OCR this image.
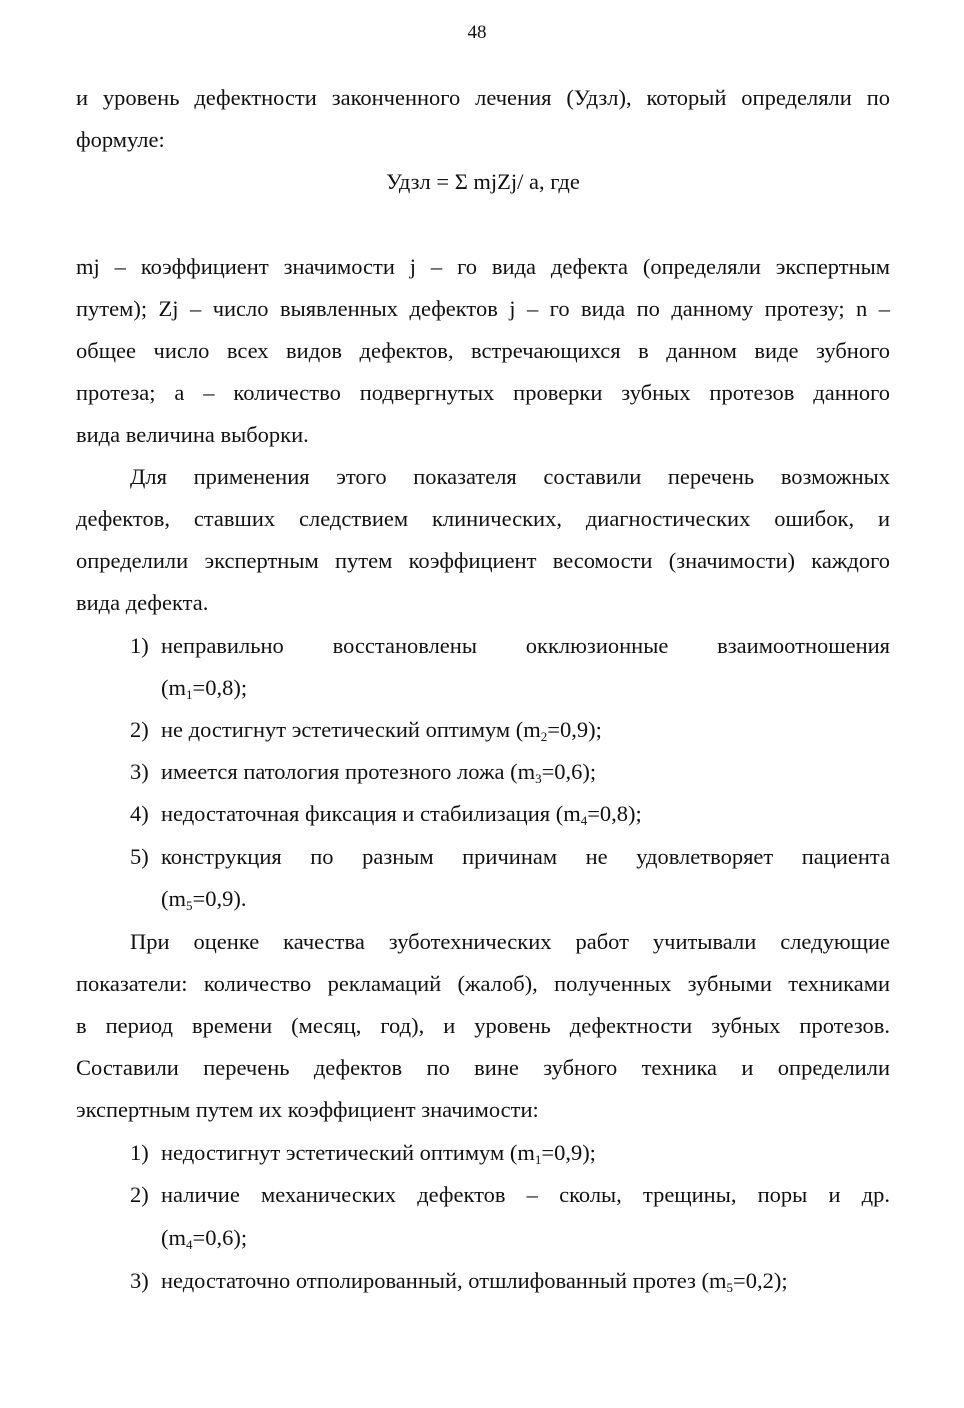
48
и уровень дефектности законченного лечения (Удзл), который определяли по
формуле:
Удзл = Σ mjZj/ a, где
mj – коэффициент значимости j – го вида дефекта (определяли экспертным
путем); Zj – число выявленных дефектов j – го вида по данному протезу; n –
общее число всех видов дефектов, встречающихся в данном виде зубного
протеза; а – количество подвергнутых проверки зубных протезов данного
вида величина выборки.
Для применения этого показателя составили перечень возможных
дефектов, ставших следствием клинических, диагностических ошибок, и
определили экспертным путем коэффициент весомости (значимости) каждого
вида дефекта.
1) неправильно восстановлены окклюзионные взаимоотношения
$(m_1=0,8)$;
2) не достигнут эстетический оптимум $(m_2=0,9)$;
3) имеется патология протезного ложа $(m_3=0,6)$;
4) недостаточная фиксация и стабилизация $(m_4=0,8)$;
5) конструкция по разным причинам не удовлетворяет пациента
$(m_5=0,9)$.
При оценке качества зуботехнических работ учитывали следующие
показатели: количество рекламаций (жалоб), полученных зубными техниками
в период времени (месяц, год), и уровень дефектности зубных протезов.
Составили перечень дефектов по вине зубного техника и определили
экспертным путем их коэффициент значимости:
1) недостигнут эстетический оптимум $(m_1=0,9)$;
2) наличие механических дефектов – сколы, трещины, поры и др.
$(m_4=0,6)$;
3) недостаточно отполированный, отшлифованный протез $(m_5=0,2)$;
